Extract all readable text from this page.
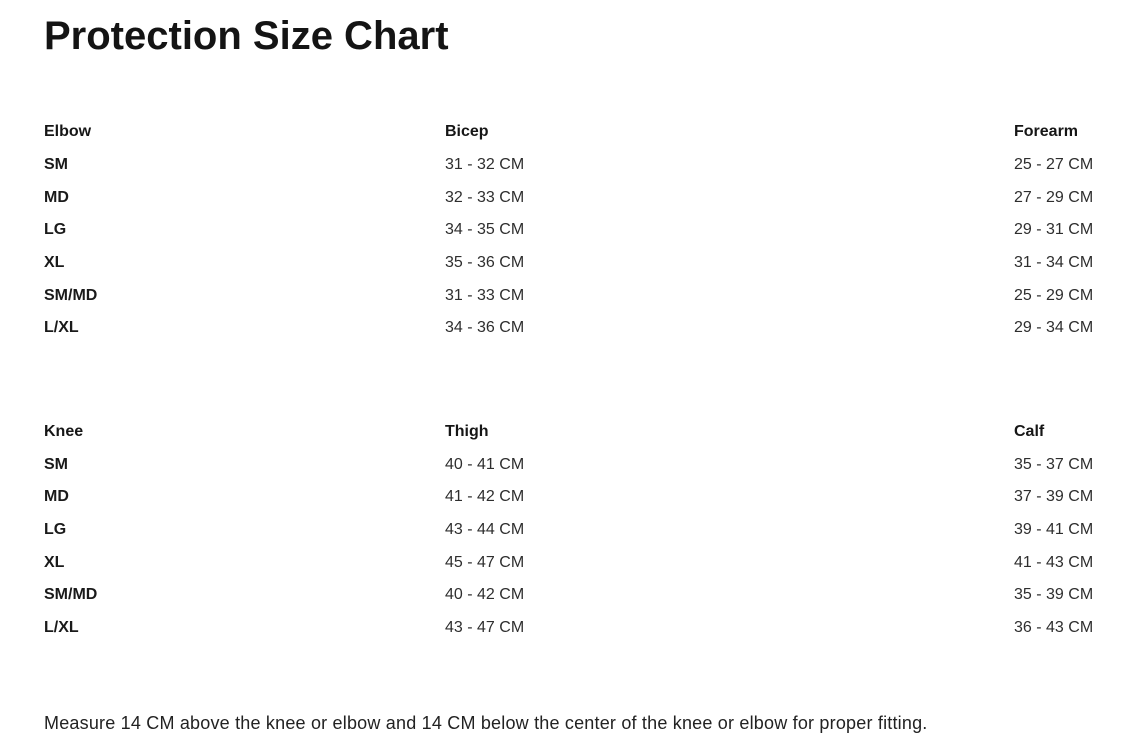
Protection Size Chart
Elbow	Bicep	Forearm
SM	31 - 32 CM	25 - 27 CM
MD	32 - 33 CM	27 - 29 CM
LG	34 - 35 CM	29 - 31 CM
XL	35 - 36 CM	31 - 34 CM
SM/MD	31 - 33 CM	25 - 29 CM
L/XL	34 - 36 CM	29 - 34 CM
Knee	Thigh	Calf
SM	40 - 41 CM	35 - 37 CM
MD	41 - 42 CM	37 - 39 CM
LG	43 - 44 CM	39 - 41 CM
XL	45 - 47 CM	41 - 43 CM
SM/MD	40 - 42 CM	35 - 39 CM
L/XL	43 - 47 CM	36 - 43 CM

Measure 14 CM above the knee or elbow and 14 CM below the center of the knee or elbow for proper fitting.
